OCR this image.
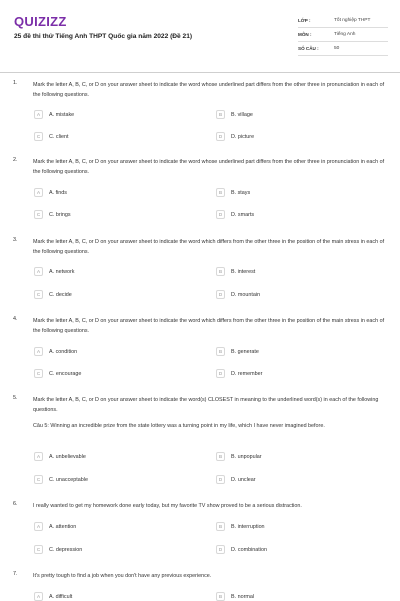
QUIZIZZ
25 đề thi thử Tiếng Anh THPT Quốc gia năm 2022 (Đề 21)
LỚP :	Tốt nghiệp THPT
MÔN :	Tiếng Anh
SỐ CÂU :	50
1.	Mark the letter A, B, C, or D on your answer sheet to indicate the word whose underlined part differs from the other three in pronunciation in each of the following questions.
A	A. mistake	B	B. village
C	C. client	D	D. picture
2.	Mark the letter A, B, C, or D on your answer sheet to indicate the word whose underlined part differs from the other three in pronunciation in each of the following questions.
A	A. finds	B	B. stays
C	C. brings	D	D. smarts
3.	Mark the letter A, B, C, or D on your answer sheet to indicate the word which differs from the other three in the position of the main stress in each of the following questions.
A	A. network	B	B. interest
C	C. decide	D	D. mountain
4.	Mark the letter A, B, C, or D on your answer sheet to indicate the word which differs from the other three in the position of the main stress in each of the following questions.
A	A. condition	B	B. generate
C	C. encourage	D	D. remember
5.	Mark the letter A, B, C, or D on your answer sheet to indicate the word(s) CLOSEST in meaning to the underlined word(s) in each of the following questions.
Câu 5: Winning an incredible prize from the state lottery was a turning point in my life, which I have never imagined before.
A	A. unbelievable	B	B. unpopular
C	C. unacceptable	D	D. unclear
6.	I really wanted to get my homework done early today, but my favorite TV show proved to be a serious distraction.
A	A. attention	B	B. interruption
C	C. depression	D	D. combination
7.	It's pretty tough to find a job when you don't have any previous experience.
A	A. difficult	B	B. normal
